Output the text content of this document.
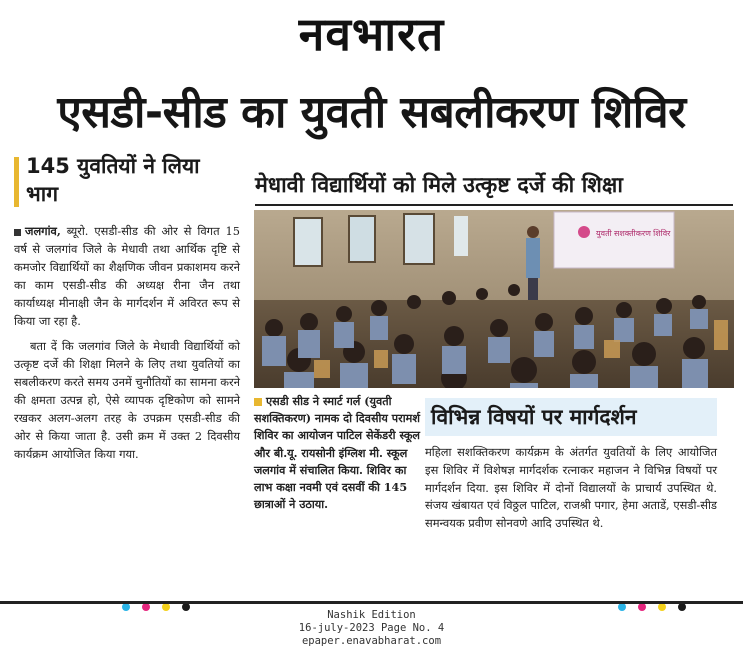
नवभारत
एसडी-सीड का युवती सबलीकरण शिविर
145 युवतियों ने लिया भाग

जलगांव, ब्यूरो. एसडी-सीड की ओर से विगत 15 वर्ष से जलगांव जिले के मेधावी तथा आर्थिक दृष्टि से कमजोर विद्यार्थियों का शैक्षणिक जीवन प्रकाशमय करने का काम एसडी-सीड की अध्यक्ष रीना जैन तथा कार्याध्यक्ष मीनाक्षी जैन के मार्गदर्शन में अविरत रूप से किया जा रहा है.

बता दें कि जलगांव जिले के मेधावी विद्यार्थियों को उत्कृष्ट दर्जे की शिक्षा मिलने के लिए तथा युवतियों का सबलीकरण करते समय उनमें चुनौतियों का सामना करने की क्षमता उत्पन्न हो, ऐसे व्यापक दृष्टिकोण को सामने रखकर अलग-अलग तरह के उपक्रम एसडी-सीड की ओर से किया जाता है. उसी क्रम में उक्त 2 दिवसीय कार्यक्रम आयोजित किया गया.

मेधावी विद्यार्थियों को मिले उत्कृष्ट दर्जे की शिक्षा
युवती सशक्तीकरण शिविर
एसडी सीड ने स्मार्ट गर्ल (युवती सशक्तिकरण) नामक दो दिवसीय परामर्श शिविर का आयोजन पाटिल सेकेंडरी स्कूल और बी.यू. रायसोनी इंग्लिश मी. स्कूल जलगांव में संचालित किया. शिविर का लाभ कक्षा नवमी एवं दसवीं की 145 छात्राओं ने उठाया.
विभिन्न विषयों पर मार्गदर्शन
महिला सशक्तिकरण कार्यक्रम के अंतर्गत युवतियों के लिए आयोजित इस शिविर में विशेषज्ञ मार्गदर्शक रत्नाकर महाजन ने विभिन्न विषयों पर मार्गदर्शन दिया. इस शिविर में दोनों विद्यालयों के प्राचार्य उपस्थित थे. संजय खंबायत एवं विठ्ठल पाटिल, राजश्री पगार, हेमा अताडें, एसडी-सीड समन्वयक प्रवीण सोनवणे आदि उपस्थित थे.
Nashik Edition
16-july-2023 Page No. 4
epaper.enavabharat.com
